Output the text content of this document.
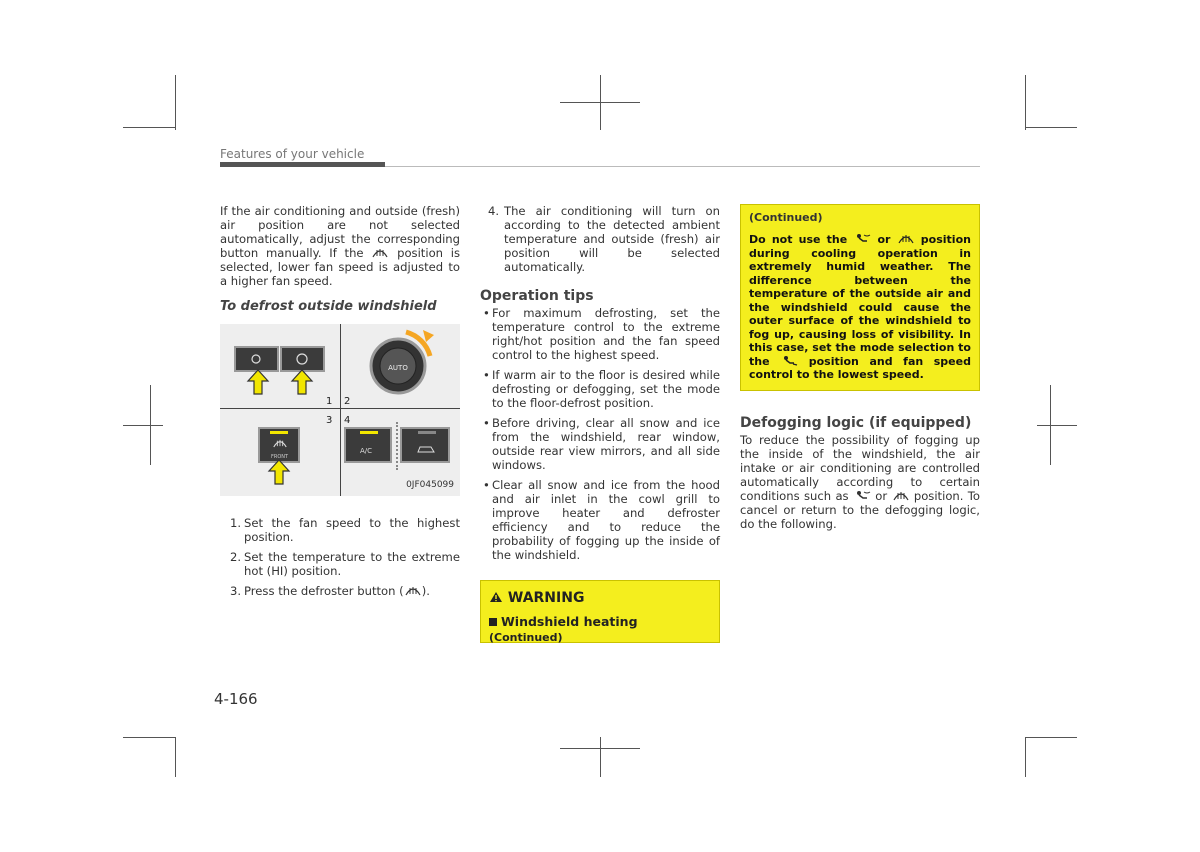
Features of your vehicle

If the air conditioning and outside (fresh) air position are not selected automatically, adjust the corresponding button manually. If the	position is selected, lower fan speed is adjusted to a higher fan speed.

To defrost outside windshield
1 2
3 4
AUTO
FRONT
A/C
0JF045099
1. Set the fan speed to the highest position.
2. Set the temperature to the extreme hot (HI) position.
3. Press the defroster button ( ).
4. The air conditioning will turn on according to the detected ambient temperature and outside (fresh) air position will be selected automatically.
Operation tips
• For maximum defrosting, set the temperature control to the extreme right/hot position and the fan speed control to the highest speed.
• If warm air to the floor is desired while defrosting or defogging, set the mode to the floor-defrost position.
• Before driving, clear all snow and ice from the windshield, rear window, outside rear view mirrors, and all side windows.
• Clear all snow and ice from the hood and air inlet in the cowl grill to improve heater and defroster efficiency and to reduce the probability of fogging up the inside of the windshield.
WARNING
Windshield heating
(Continued)
(Continued)
Do not use the	or	position during cooling operation in extremely humid weather. The difference between the temperature of the outside air and the windshield could cause the outer surface of the windshield to fog up, causing loss of visibility. In this case, set the mode selection to the	position and fan speed control to the lowest speed.
Defogging logic (if equipped)

To reduce the possibility of fogging up the inside of the windshield, the air intake or air conditioning are controlled automatically according to certain conditions such as or position. To cancel or return to the defogging logic, do the following.

4-166
